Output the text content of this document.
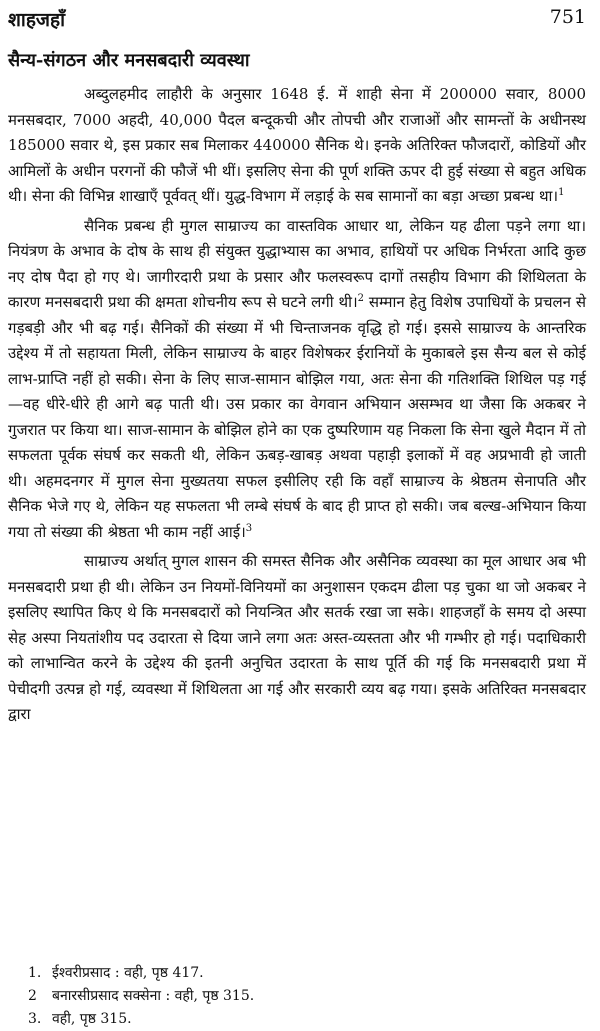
शाहजहाँ	751
सैन्य-संगठन और मनसबदारी व्यवस्था

अब्दुलहमीद लाहौरी के अनुसार 1648 ई. में शाही सेना में 200000 सवार, 8000 मनसबदार, 7000 अहदी, 40,000 पैदल बन्दूकची और तोपची और राजाओं और सामन्तों के अधीनस्थ 185000 सवार थे, इस प्रकार सब मिलाकर 440000 सैनिक थे। इनके अतिरिक्त फौजदारों, कोडियों और आमिलों के अधीन परगनों की फौजें भी थीं। इसलिए सेना की पूर्ण शक्ति ऊपर दी हुई संख्या से बहुत अधिक थी। सेना की विभिन्न शाखाएँ पूर्ववत् थीं। युद्ध-विभाग में लड़ाई के सब सामानों का बड़ा अच्छा प्रबन्ध था।$^1$

सैनिक प्रबन्ध ही मुगल साम्राज्य का वास्तविक आधार था, लेकिन यह ढीला पड़ने लगा था। नियंत्रण के अभाव के दोष के साथ ही संयुक्त युद्धाभ्यास का अभाव, हाथियों पर अधिक निर्भरता आदि कुछ नए दोष पैदा हो गए थे। जागीरदारी प्रथा के प्रसार और फलस्वरूप दागों तसहीय विभाग की शिथिलता के कारण मनसबदारी प्रथा की क्षमता शोचनीय रूप से घटने लगी थी।$^2$ सम्मान हेतु विशेष उपाधियों के प्रचलन से गड़बड़ी और भी बढ़ गई। सैनिकों की संख्या में भी चिन्ताजनक वृद्धि हो गई। इससे साम्राज्य के आन्तरिक उद्देश्य में तो सहायता मिली, लेकिन साम्राज्य के बाहर विशेषकर ईरानियों के मुकाबले इस सैन्य बल से कोई लाभ-प्राप्ति नहीं हो सकी। सेना के लिए साज-सामान बोझिल गया, अतः सेना की गतिशक्ति शिथिल पड़ गई—वह धीरे-धीरे ही आगे बढ़ पाती थी। उस प्रकार का वेगवान अभियान असम्भव था जैसा कि अकबर ने गुजरात पर किया था। साज-सामान के बोझिल होने का एक दुष्परिणाम यह निकला कि सेना खुले मैदान में तो सफलता पूर्वक संघर्ष कर सकती थी, लेकिन ऊबड़-खाबड़ अथवा पहाड़ी इलाकों में वह अप्रभावी हो जाती थी। अहमदनगर में मुगल सेना मुख्यतया सफल इसीलिए रही कि वहाँ साम्राज्य के श्रेष्ठतम सेनापति और सैनिक भेजे गए थे, लेकिन यह सफलता भी लम्बे संघर्ष के बाद ही प्राप्त हो सकी। जब बल्ख-अभियान किया गया तो संख्या की श्रेष्ठता भी काम नहीं आई।$^3$

साम्राज्य अर्थात् मुगल शासन की समस्त सैनिक और असैनिक व्यवस्था का मूल आधार अब भी मनसबदारी प्रथा ही थी। लेकिन उन नियमों-विनियमों का अनुशासन एकदम ढीला पड़ चुका था जो अकबर ने इसलिए स्थापित किए थे कि मनसबदारों को नियन्त्रित और सतर्क रखा जा सके। शाहजहाँ के समय दो अस्पा सेह अस्पा नियतांशीय पद उदारता से दिया जाने लगा अतः अस्त-व्यस्तता और भी गम्भीर हो गई। पदाधिकारी को लाभान्वित करने के उद्देश्य की इतनी अनुचित उदारता के साथ पूर्ति की गई कि मनसबदारी प्रथा में पेचीदगी उत्पन्न हो गई, व्यवस्था में शिथिलता आ गई और सरकारी व्यय बढ़ गया। इसके अतिरिक्त मनसबदार द्वारा

1. ईश्वरीप्रसाद : वही, पृष्ठ 417.
2	बनारसीप्रसाद सक्सेना : वही, पृष्ठ 315.
3. वही, पृष्ठ 315.
